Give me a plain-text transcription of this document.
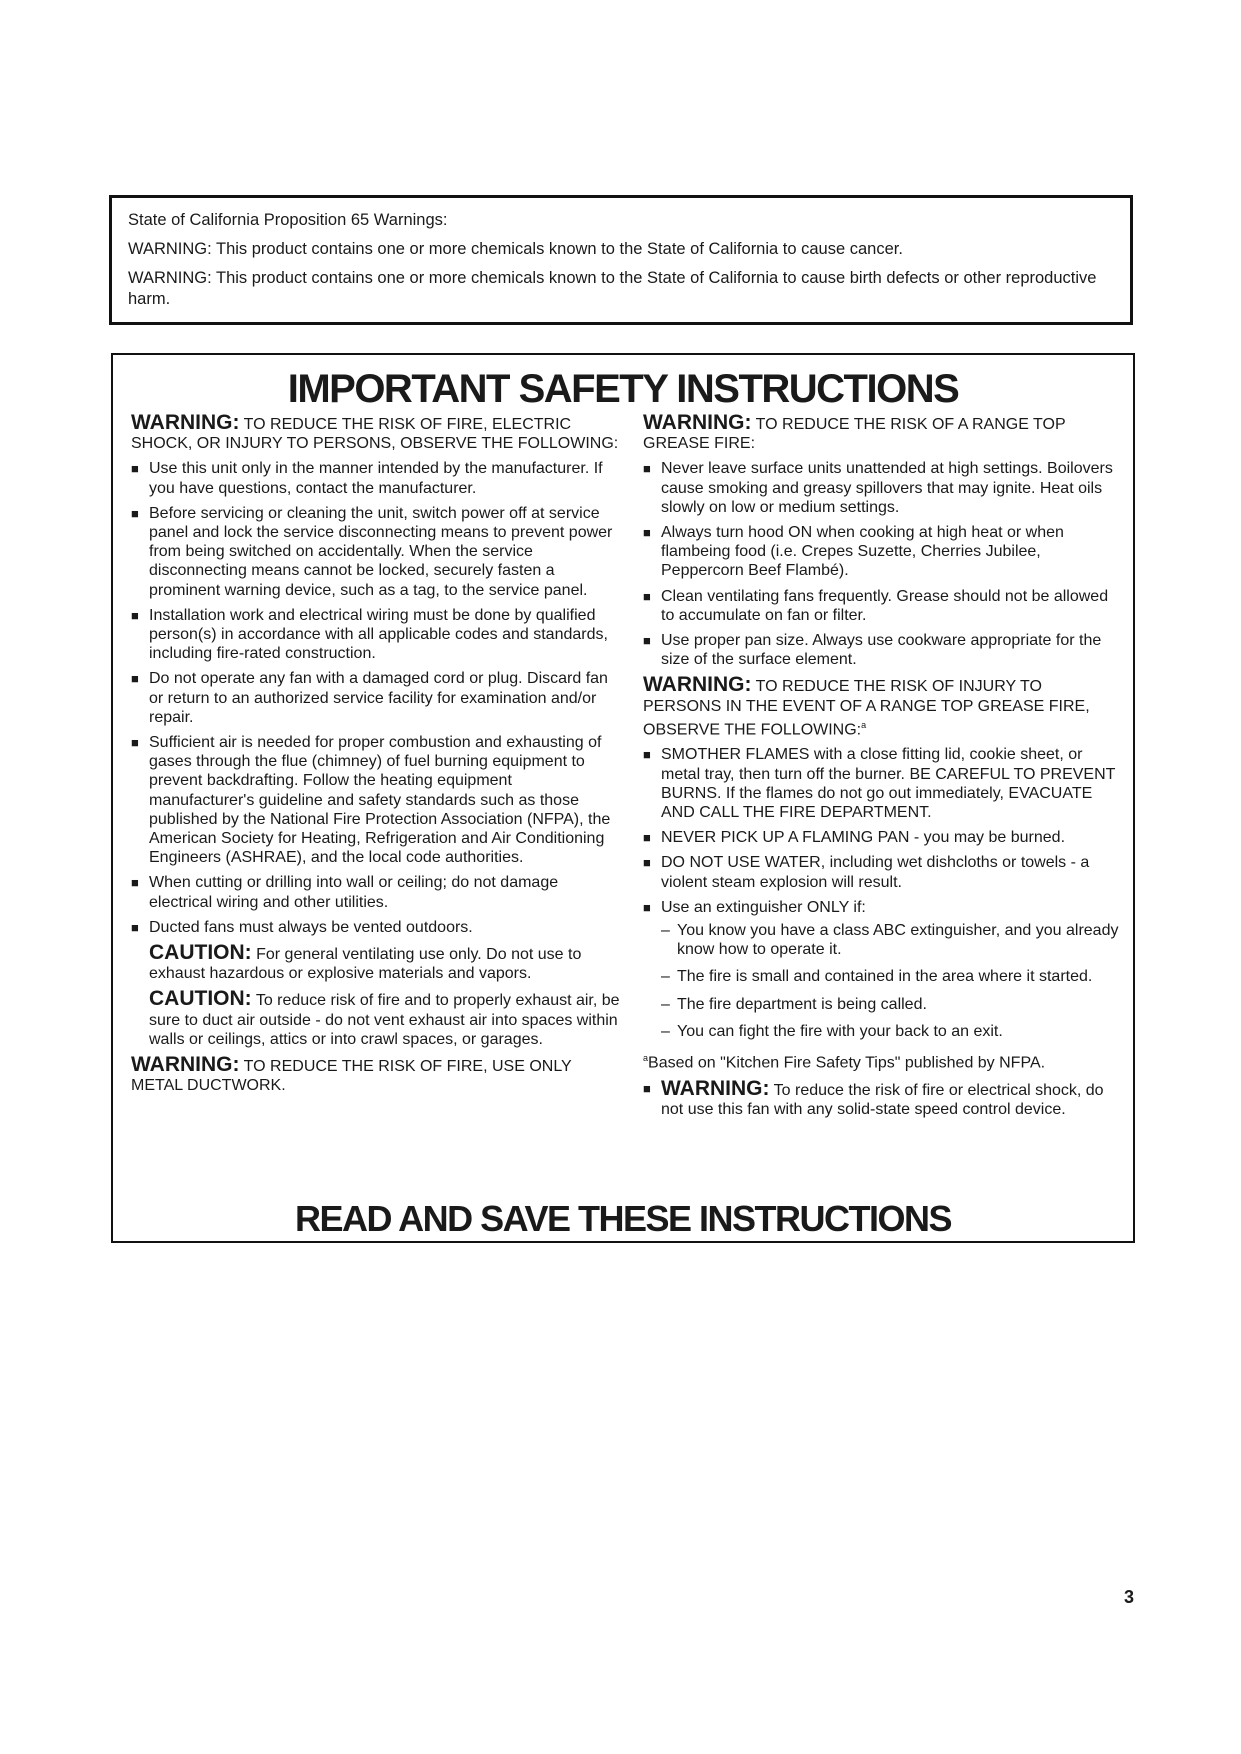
State of California Proposition 65 Warnings:

WARNING: This product contains one or more chemicals known to the State of California to cause cancer.

WARNING: This product contains one or more chemicals known to the State of California to cause birth defects or other reproductive harm.

IMPORTANT SAFETY INSTRUCTIONS

WARNING: TO REDUCE THE RISK OF FIRE, ELECTRIC SHOCK, OR INJURY TO PERSONS, OBSERVE THE FOLLOWING:

■ Use this unit only in the manner intended by the manufacturer. If you have questions, contact the manufacturer.
■ Before servicing or cleaning the unit, switch power off at service panel and lock the service disconnecting means to prevent power from being switched on accidentally. When the service disconnecting means cannot be locked, securely fasten a prominent warning device, such as a tag, to the service panel.
■ Installation work and electrical wiring must be done by qualified person(s) in accordance with all applicable codes and standards, including fire-rated construction.
■ Do not operate any fan with a damaged cord or plug. Discard fan or return to an authorized service facility for examination and/or repair.
■ Sufficient air is needed for proper combustion and exhausting of gases through the flue (chimney) of fuel burning equipment to prevent backdrafting. Follow the heating equipment manufacturer's guideline and safety standards such as those published by the National Fire Protection Association (NFPA), the American Society for Heating, Refrigeration and Air Conditioning Engineers (ASHRAE), and the local code authorities.
■ When cutting or drilling into wall or ceiling; do not damage electrical wiring and other utilities.
■ Ducted fans must always be vented outdoors.

CAUTION: For general ventilating use only. Do not use to exhaust hazardous or explosive materials and vapors.

CAUTION: To reduce risk of fire and to properly exhaust air, be sure to duct air outside - do not vent exhaust air into spaces within walls or ceilings, attics or into crawl spaces, or garages.

WARNING: TO REDUCE THE RISK OF FIRE, USE ONLY METAL DUCTWORK.

WARNING: TO REDUCE THE RISK OF A RANGE TOP GREASE FIRE:

■ Never leave surface units unattended at high settings. Boilovers cause smoking and greasy spillovers that may ignite. Heat oils slowly on low or medium settings.
■ Always turn hood ON when cooking at high heat or when flambeing food (i.e. Crepes Suzette, Cherries Jubilee, Peppercorn Beef Flambé).
■ Clean ventilating fans frequently. Grease should not be allowed to accumulate on fan or filter.
■ Use proper pan size. Always use cookware appropriate for the size of the surface element.

WARNING: TO REDUCE THE RISK OF INJURY TO PERSONS IN THE EVENT OF A RANGE TOP GREASE FIRE, OBSERVE THE FOLLOWING:$^a$

■ SMOTHER FLAMES with a close fitting lid, cookie sheet, or metal tray, then turn off the burner. BE CAREFUL TO PREVENT BURNS. If the flames do not go out immediately, EVACUATE AND CALL THE FIRE DEPARTMENT.
■ NEVER PICK UP A FLAMING PAN - you may be burned.
■ DO NOT USE WATER, including wet dishcloths or towels - a violent steam explosion will result.
■ Use an extinguisher ONLY if:
– You know you have a class ABC extinguisher, and you already know how to operate it.
– The fire is small and contained in the area where it started.
– The fire department is being called.
– You can fight the fire with your back to an exit.

$^a$Based on "Kitchen Fire Safety Tips" published by NFPA.

■ WARNING: To reduce the risk of fire or electrical shock, do not use this fan with any solid-state speed control device.
READ AND SAVE THESE INSTRUCTIONS
3
